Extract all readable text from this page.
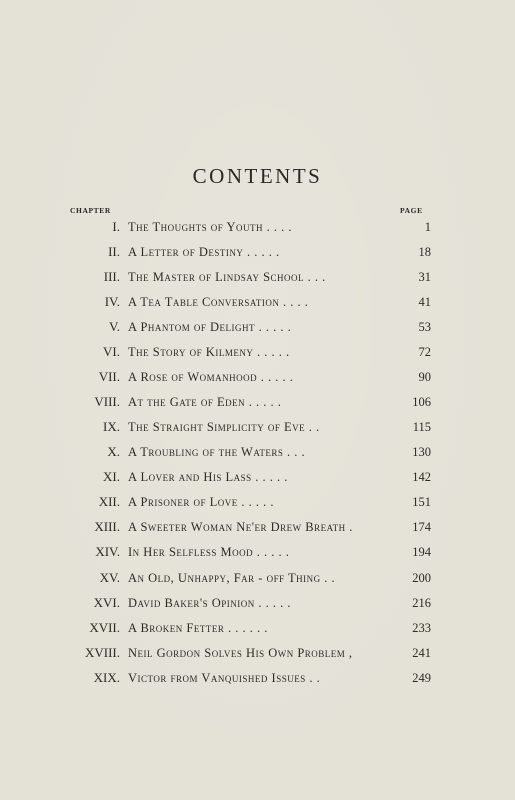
CONTENTS
CHAPTER	PAGE
I. The Thoughts of Youth . . . .	1
II. A Letter of Destiny . . . . .	18
III. The Master of Lindsay School . . .	31
IV. A Tea Table Conversation . . . .	41
V. A Phantom of Delight . . . . .	53
VI. The Story of Kilmeny . . . . .	72
VII. A Rose of Womanhood . . . . .	90
VIII. At the Gate of Eden . . . . .	106
IX. The Straight Simplicity of Eve . .	115
X. A Troubling of the Waters . . .	130
XI. A Lover and His Lass . . . . .	142
XII. A Prisoner of Love . . . . .	151
XIII. A Sweeter Woman Ne'er Drew Breath .	174
XIV. In Her Selfless Mood . . . . .	194
XV. An Old, Unhappy, Far - off Thing . .	200
XVI. David Baker's Opinion . . . . .	216
XVII. A Broken Fetter . . . . . .	233
XVIII. Neil Gordon Solves His Own Problem ,	241
XIX. Victor from Vanquished Issues . .	249
